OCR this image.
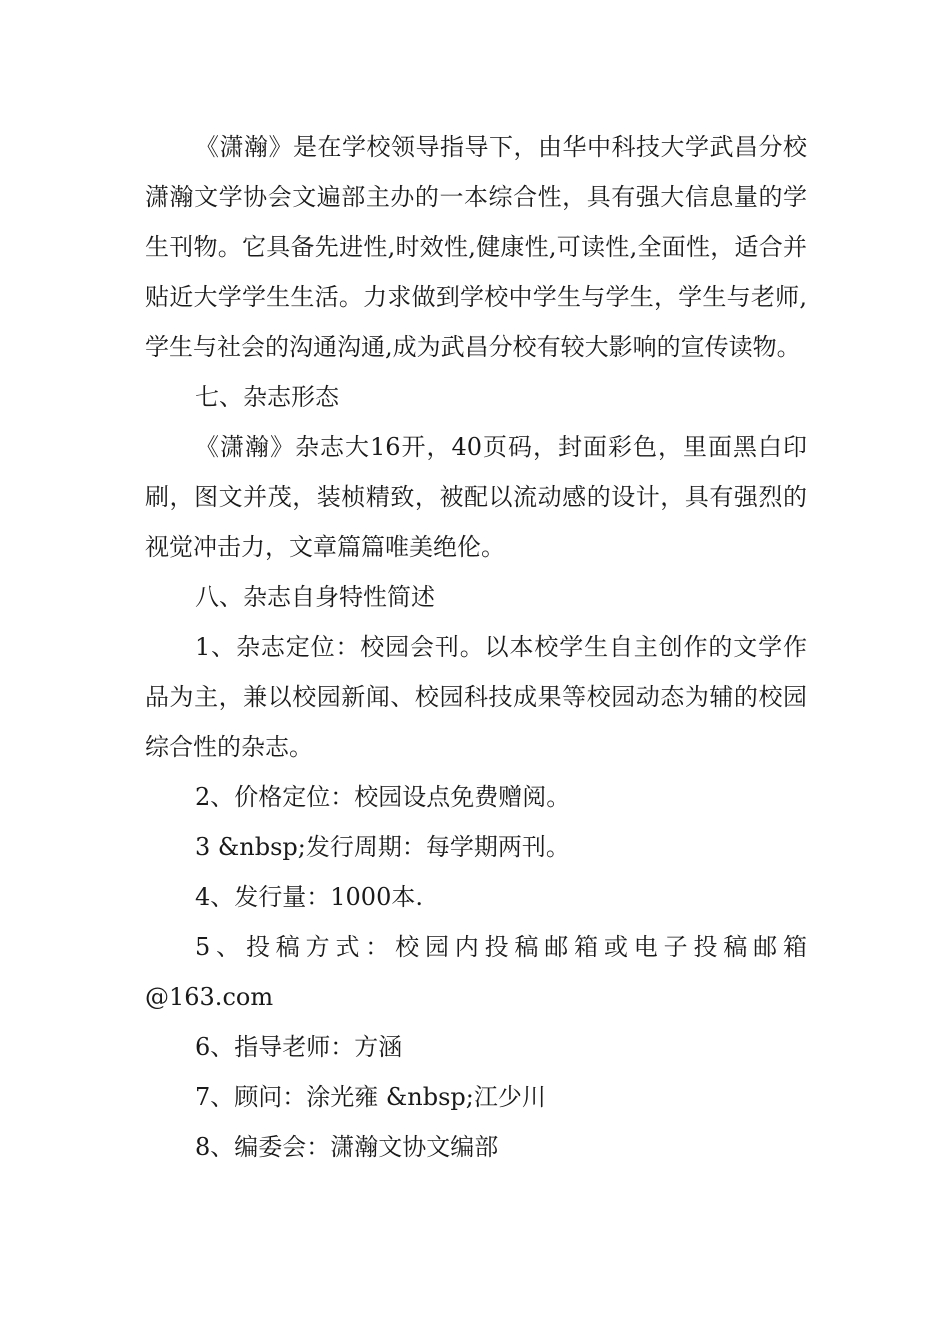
《潇瀚》是在学校领导指导下，由华中科技大学武昌分校潇瀚文学协会文遍部主办的一本综合性，具有强大信息量的学生刊物。它具备先进性,时效性,健康性,可读性,全面性，适合并贴近大学学生生活。力求做到学校中学生与学生，学生与老师,学生与社会的沟通沟通,成为武昌分校有较大影响的宣传读物。

七、杂志形态

《潇瀚》杂志大16开，40页码，封面彩色，里面黑白印刷，图文并茂，装桢精致，被配以流动感的设计，具有强烈的视觉冲击力，文章篇篇唯美绝伦。

八、杂志自身特性简述

1、杂志定位：校园会刊。以本校学生自主创作的文学作品为主，兼以校园新闻、校园科技成果等校园动态为辅的校园综合性的杂志。

2、价格定位：校园设点免费赠阅。

3 &nbsp;发行周期：每学期两刊。

4、发行量：1000本.

5、投稿方式：校园内投稿邮箱或电子投稿邮箱

@163.com

6、指导老师：方涵

7、顾问：涂光雍 &nbsp;江少川

8、编委会：潇瀚文协文编部
